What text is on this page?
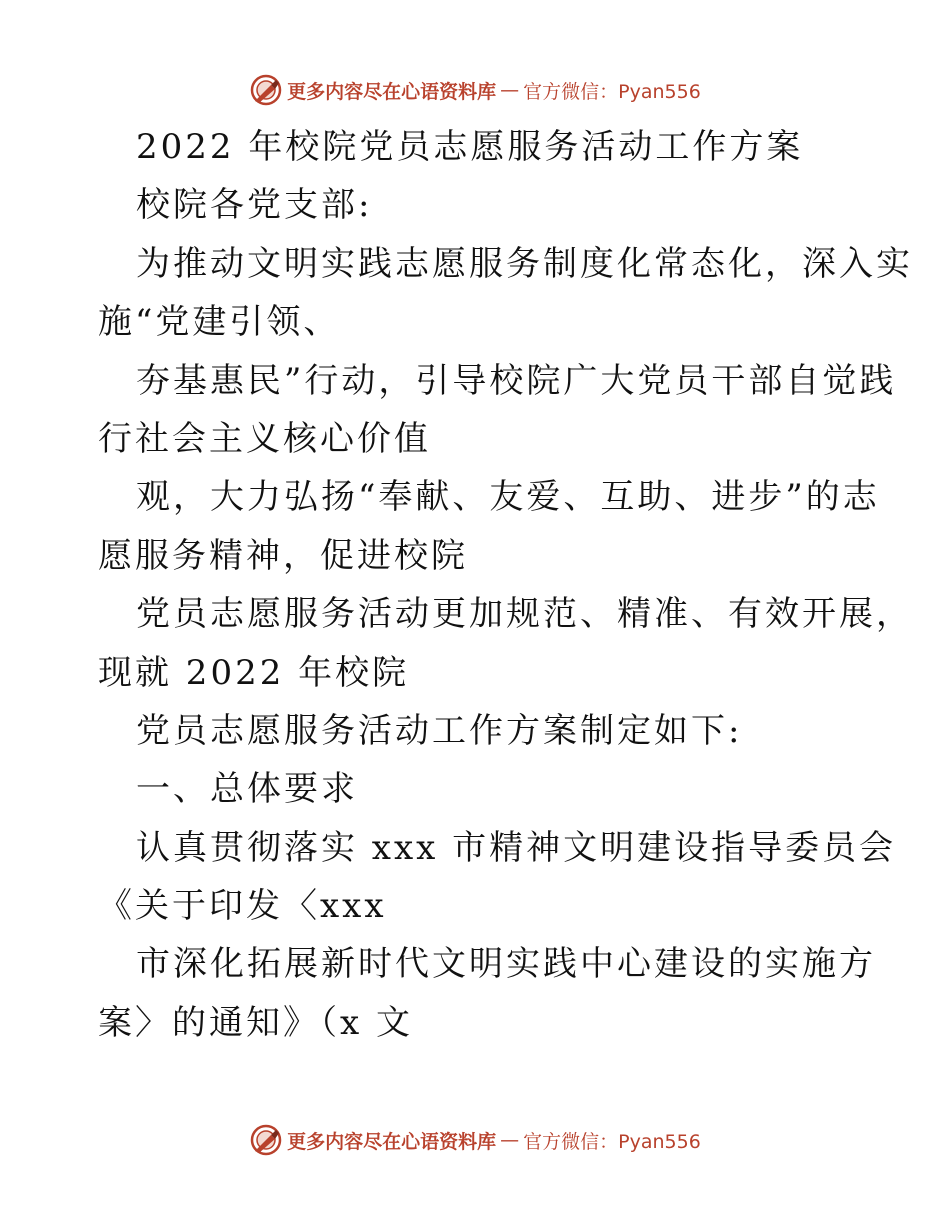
更多内容尽在心语资料库 — 官方微信：Pyan556
2022 年校院党员志愿服务活动工作方案
校院各党支部:
为推动文明实践志愿服务制度化常态化，深入实
施“党建引领、
夯基惠民”行动，引导校院广大党员干部自觉践
行社会主义核心价值
观，大力弘扬“奉献、友爱、互助、进步”的志
愿服务精神，促进校院
党员志愿服务活动更加规范、精准、有效开展，
现就 2022 年校院
党员志愿服务活动工作方案制定如下:
一、总体要求
认真贯彻落实 xxx 市精神文明建设指导委员会
《关于印发〈xxx
市深化拓展新时代文明实践中心建设的实施方
案〉的通知》（x 文
更多内容尽在心语资料库 — 官方微信：Pyan556
